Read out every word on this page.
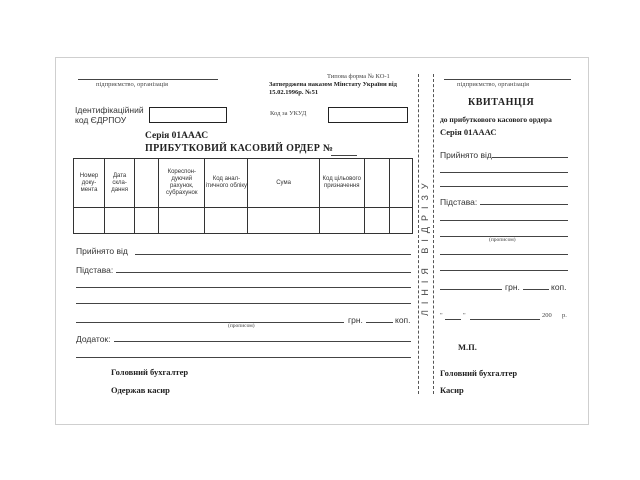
підприємство, організація
Типова форма № КО-1
Затверджена наказом Мінстату України від 15.02.1996р. №51
Ідентифікаційний код ЄДРПОУ
Код за УКУД
Серія 01АААС
ПРИБУТКОВИЙ КАСОВИЙ ОРДЕР №
Номер доку- мента	Дата скла- дання		Кореспон- дуючий рахунок, субрахунок	Код анал- ітичного обліку	Сума	Код цільового призначення		

Прийнято від
Підстава:
(прописом)
грн.	коп.
Додаток:
Головний бухгалтер
Одержав касир
ЛІНІЯ ВІДРІЗУ
підприємство, організація
КВИТАНЦІЯ
до прибуткового касового ордера
Серія 01АААС
Прийнято від
Підстава:
(прописом)
грн.	коп.
"	"	200 р.
М.П.
Головний бухгалтер
Касир
